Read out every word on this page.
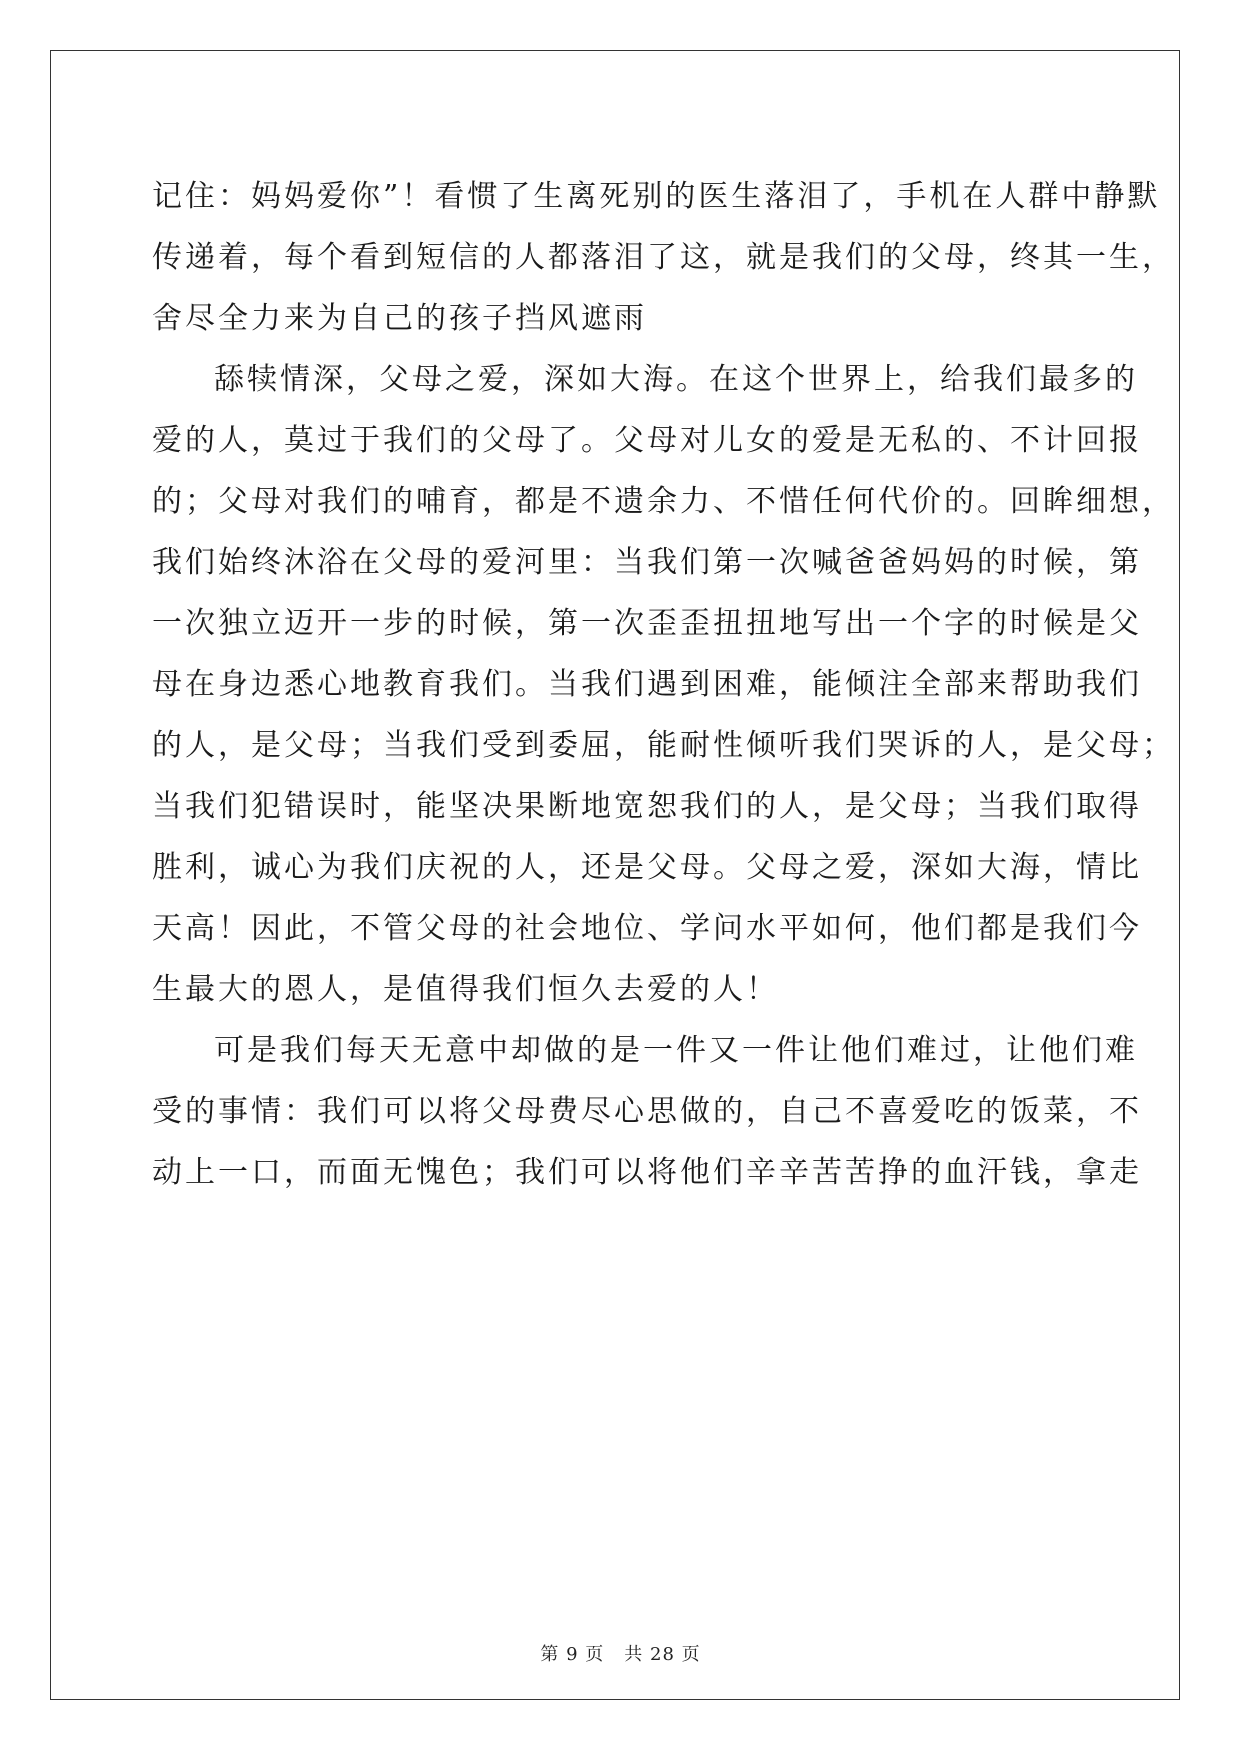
记住：妈妈爱你”！看惯了生离死别的医生落泪了，手机在人群中静默
传递着，每个看到短信的人都落泪了这，就是我们的父母，终其一生，
舍尽全力来为自己的孩子挡风遮雨
舔犊情深，父母之爱，深如大海。在这个世界上，给我们最多的
爱的人，莫过于我们的父母了。父母对儿女的爱是无私的、不计回报
的；父母对我们的哺育，都是不遗余力、不惜任何代价的。回眸细想，
我们始终沐浴在父母的爱河里：当我们第一次喊爸爸妈妈的时候，第
一次独立迈开一步的时候，第一次歪歪扭扭地写出一个字的时候是父
母在身边悉心地教育我们。当我们遇到困难，能倾注全部来帮助我们
的人，是父母；当我们受到委屈，能耐性倾听我们哭诉的人，是父母；
当我们犯错误时，能坚决果断地宽恕我们的人，是父母；当我们取得
胜利，诚心为我们庆祝的人，还是父母。父母之爱，深如大海，情比
天高！因此，不管父母的社会地位、学问水平如何，他们都是我们今
生最大的恩人，是值得我们恒久去爱的人！
可是我们每天无意中却做的是一件又一件让他们难过，让他们难
受的事情：我们可以将父母费尽心思做的，自己不喜爱吃的饭菜，不
动上一口，而面无愧色；我们可以将他们辛辛苦苦挣的血汗钱，拿走
第 9 页 共 28 页
